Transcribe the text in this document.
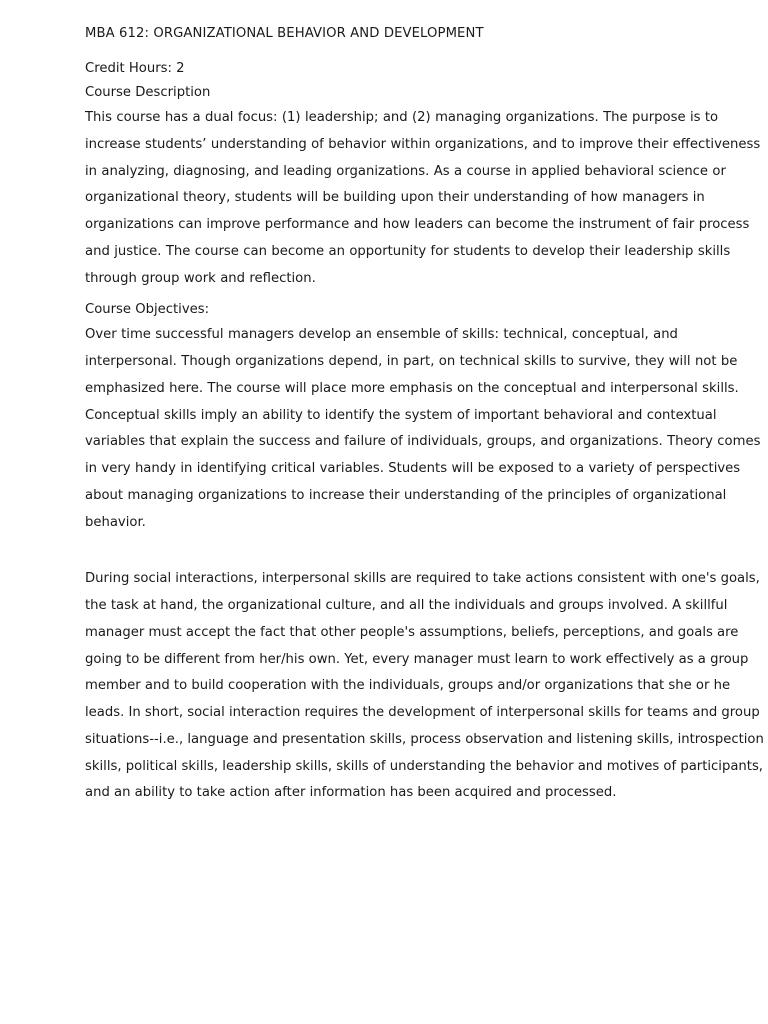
MBA 612: ORGANIZATIONAL BEHAVIOR AND DEVELOPMENT

Credit Hours: 2

Course Description

This course has a dual focus: (1) leadership; and (2) managing organizations. The purpose is to increase students’ understanding of behavior within organizations, and to improve their effectiveness in analyzing, diagnosing, and leading organizations. As a course in applied behavioral science or organizational theory, students will be building upon their understanding of how managers in organizations can improve performance and how leaders can become the instrument of fair process and justice. The course can become an opportunity for students to develop their leadership skills through group work and reflection.

Course Objectives:

Over time successful managers develop an ensemble of skills: technical, conceptual, and interpersonal. Though organizations depend, in part, on technical skills to survive, they will not be emphasized here. The course will place more emphasis on the conceptual and interpersonal skills. Conceptual skills imply an ability to identify the system of important behavioral and contextual variables that explain the success and failure of individuals, groups, and organizations. Theory comes in very handy in identifying critical variables. Students will be exposed to a variety of perspectives about managing organizations to increase their understanding of the principles of organizational behavior.

During social interactions, interpersonal skills are required to take actions consistent with one's goals, the task at hand, the organizational culture, and all the individuals and groups involved. A skillful manager must accept the fact that other people's assumptions, beliefs, perceptions, and goals are going to be different from her/his own. Yet, every manager must learn to work effectively as a group member and to build cooperation with the individuals, groups and/or organizations that she or he leads. In short, social interaction requires the development of interpersonal skills for teams and group situations--i.e., language and presentation skills, process observation and listening skills, introspection skills, political skills, leadership skills, skills of understanding the behavior and motives of participants, and an ability to take action after information has been acquired and processed.
